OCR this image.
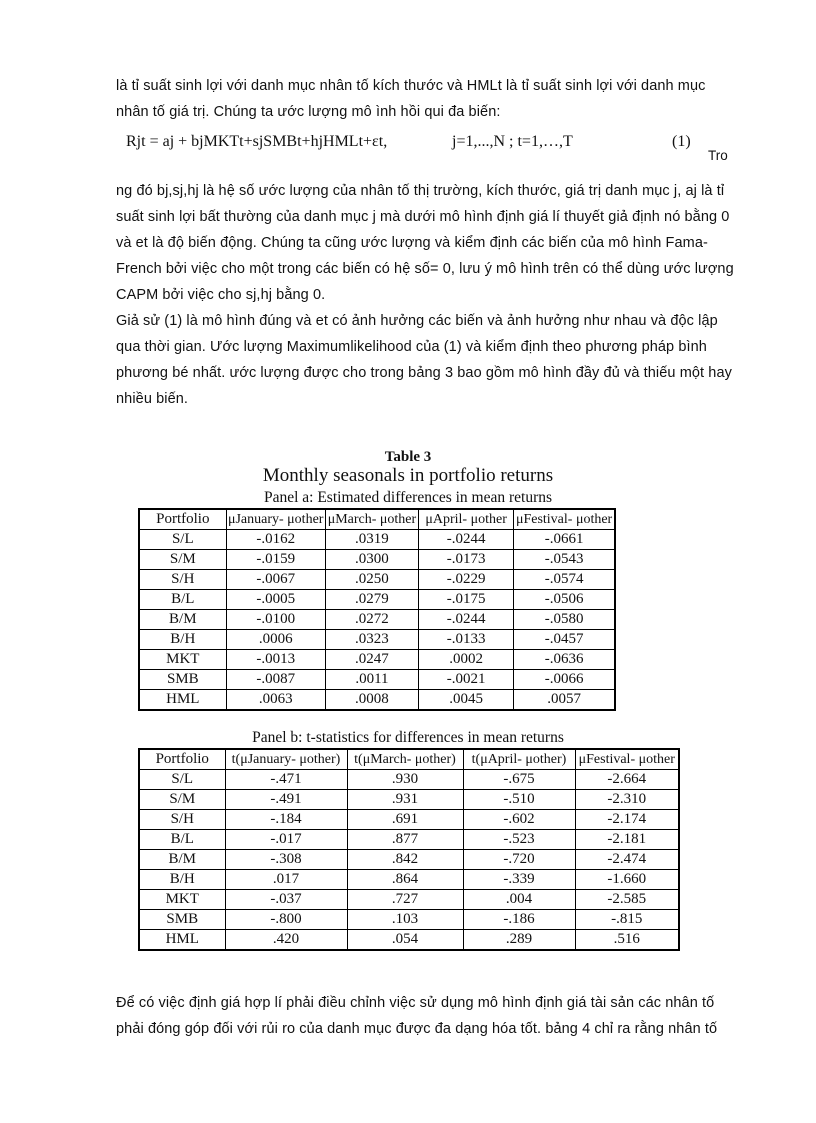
là tỉ suất sinh lợi với danh mục nhân tố kích thước và HMLt là tỉ suất sinh lợi với danh mục
nhân tố giá trị. Chúng ta ước lượng mô ình hồi qui đa biến:
Rjt = aj + bjMKTt+sjSMBt+hjHMLt+εt,	j=1,...,N ; t=1,…,T	(1)
Tro
ng đó bj,sj,hj là hệ số ước lượng của nhân tố thị trường, kích thước, giá trị danh mục j, aj là tỉ
suất sinh lợi bất thường của danh mục j mà dưới mô hình định giá lí thuyết giả định nó bằng 0
và et là độ biến động. Chúng ta cũng ước lượng và kiểm định các biến của mô hình Fama-
French bởi việc cho một trong các biến có hệ số= 0, lưu ý mô hình trên có thể dùng ước lượng
CAPM bởi việc cho sj,hj bằng 0.
Giả sử (1) là mô hình đúng và et có ảnh hưởng các biến và ảnh hưởng như nhau và độc lập
qua thời gian. Ước lượng Maximumlikelihood của (1) và kiểm định theo phương pháp bình
phương bé nhất. ước lượng được cho trong bảng 3 bao gồm mô hình đầy đủ và thiếu một hay
nhiều biến.
Table 3
Monthly seasonals in portfolio returns
Panel a: Estimated differences in mean returns
Portfolio	μJanuary- μother	μMarch- μother	μApril- μother	μFestival- μother
S/L	-.0162	.0319	-.0244	-.0661
S/M	-.0159	.0300	-.0173	-.0543
S/H	-.0067	.0250	-.0229	-.0574
B/L	-.0005	.0279	-.0175	-.0506
B/M	-.0100	.0272	-.0244	-.0580
B/H	.0006	.0323	-.0133	-.0457
MKT	-.0013	.0247	.0002	-.0636
SMB	-.0087	.0011	-.0021	-.0066
HML	.0063	.0008	.0045	.0057
Panel b: t-statistics for differences in mean returns
Portfolio	t(μJanuary- μother)	t(μMarch- μother)	t(μApril- μother)	μFestival- μother
S/L	-.471	.930	-.675	-2.664
S/M	-.491	.931	-.510	-2.310
S/H	-.184	.691	-.602	-2.174
B/L	-.017	.877	-.523	-2.181
B/M	-.308	.842	-.720	-2.474
B/H	.017	.864	-.339	-1.660
MKT	-.037	.727	.004	-2.585
SMB	-.800	.103	-.186	-.815
HML	.420	.054	.289	.516
Để có việc định giá hợp lí phải điều chỉnh việc sử dụng mô hình định giá tài sản các nhân tố
phải đóng góp đối với rủi ro của danh mục được đa dạng hóa tốt. bảng 4 chỉ ra rằng nhân tố
